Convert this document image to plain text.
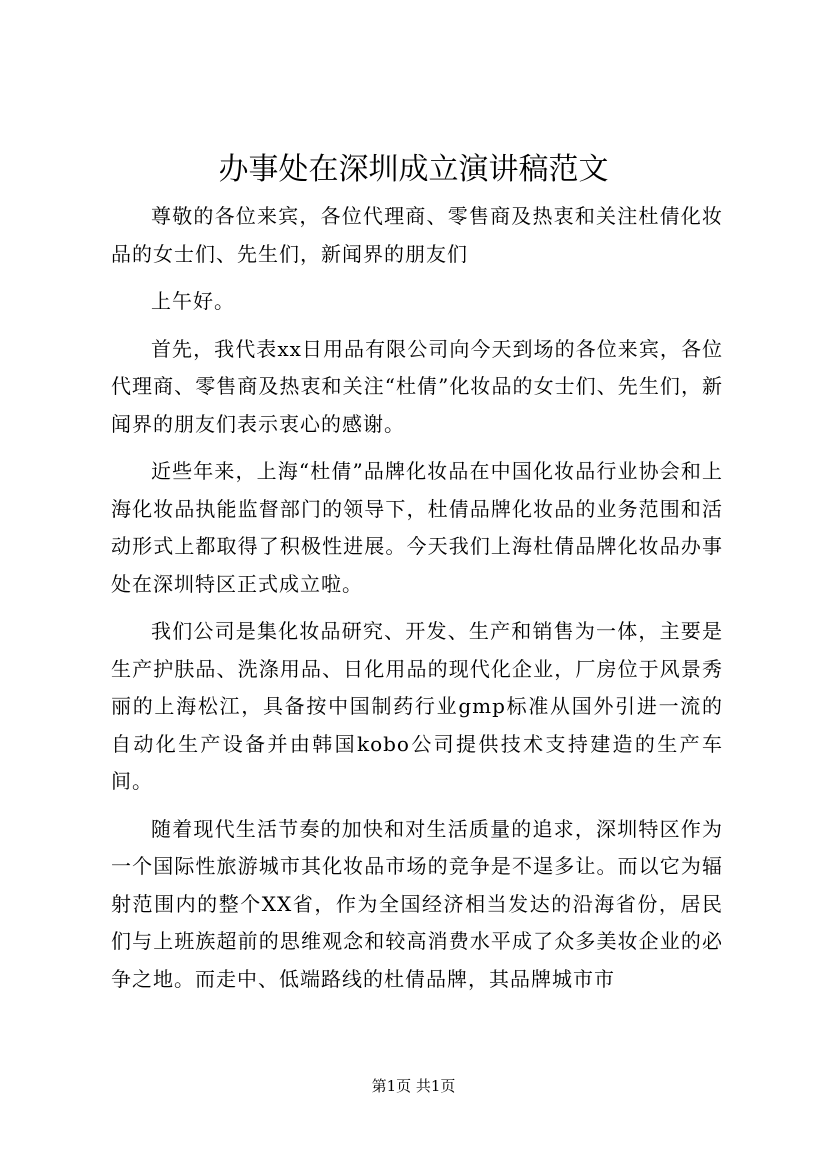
办事处在深圳成立演讲稿范文

尊敬的各位来宾，各位代理商、零售商及热衷和关注杜倩化妆品的女士们、先生们，新闻界的朋友们

上午好。

首先，我代表xx日用品有限公司向今天到场的各位来宾，各位代理商、零售商及热衷和关注“杜倩”化妆品的女士们、先生们，新闻界的朋友们表示衷心的感谢。

近些年来，上海“杜倩”品牌化妆品在中国化妆品行业协会和上海化妆品执能监督部门的领导下，杜倩品牌化妆品的业务范围和活动形式上都取得了积极性进展。今天我们上海杜倩品牌化妆品办事处在深圳特区正式成立啦。

我们公司是集化妆品研究、开发、生产和销售为一体，主要是生产护肤品、洗涤用品、日化用品的现代化企业，厂房位于风景秀丽的上海松江，具备按中国制药行业gmp标准从国外引进一流的自动化生产设备并由韩国kobo公司提供技术支持建造的生产车间。

随着现代生活节奏的加快和对生活质量的追求，深圳特区作为一个国际性旅游城市其化妆品市场的竞争是不逞多让。而以它为辐射范围内的整个XX省，作为全国经济相当发达的沿海省份，居民们与上班族超前的思维观念和较高消费水平成了众多美妆企业的必争之地。而走中、低端路线的杜倩品牌，其品牌城市市

第1页 共1页
